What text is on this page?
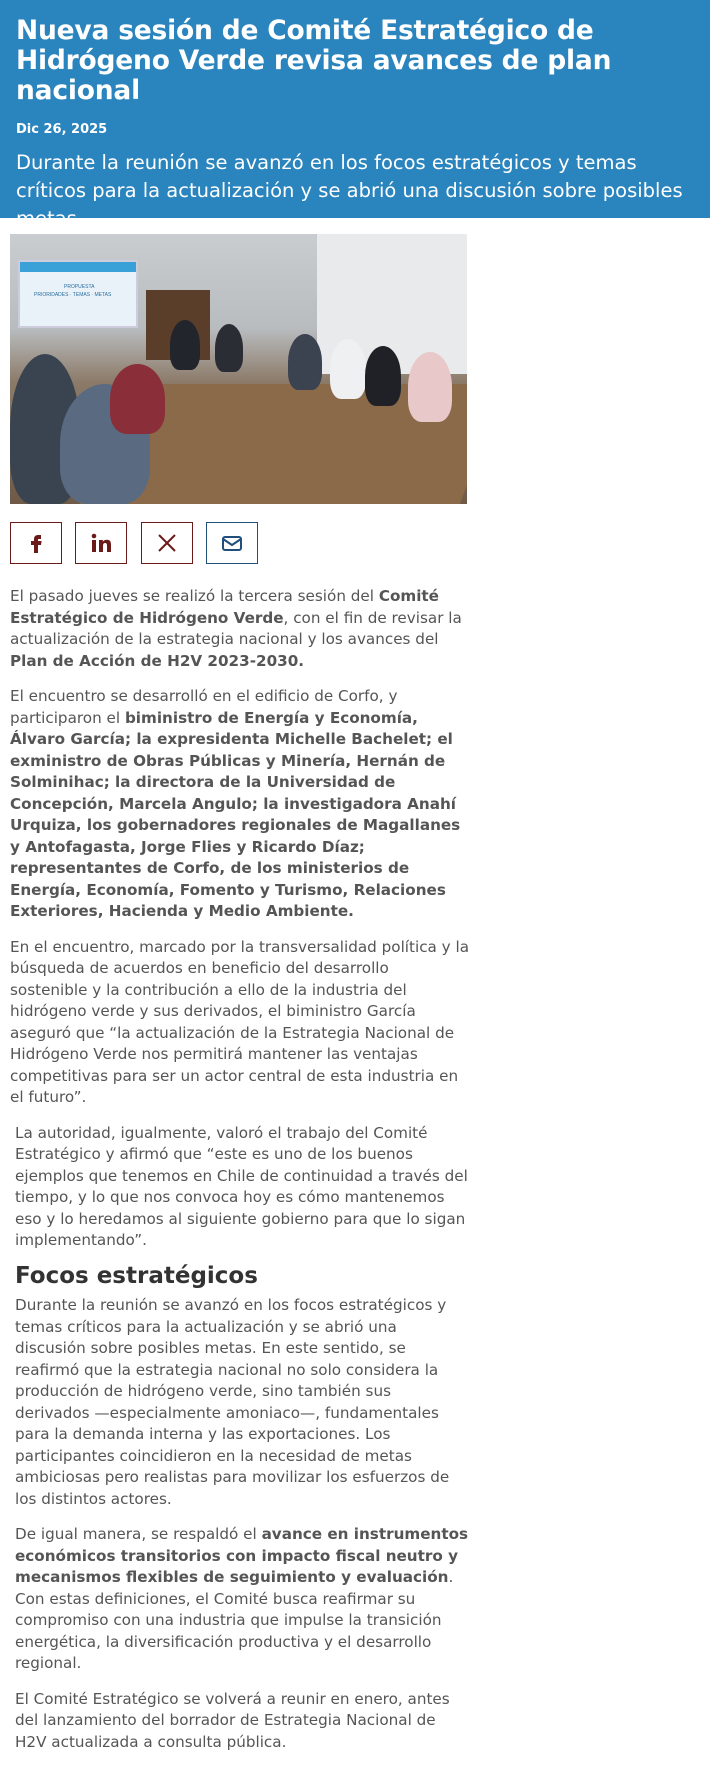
Nueva sesión de Comité Estratégico de Hidrógeno Verde revisa avances de plan nacional
Dic 26, 2025
Durante la reunión se avanzó en los focos estratégicos y temas críticos para la actualización y se abrió una discusión sobre posibles metas.
PROPUESTA
PRIORIDADES · TEMAS · METAS

El pasado jueves se realizó la tercera sesión del Comité Estratégico de Hidrógeno Verde, con el fin de revisar la actualización de la estrategia nacional y los avances del Plan de Acción de H2V 2023-2030.

El encuentro se desarrolló en el edificio de Corfo, y participaron el biministro de Energía y Economía, Álvaro García; la expresidenta Michelle Bachelet; el exministro de Obras Públicas y Minería, Hernán de Solminihac; la directora de la Universidad de Concepción, Marcela Angulo; la investigadora Anahí Urquiza, los gobernadores regionales de Magallanes y Antofagasta, Jorge Flies y Ricardo Díaz; representantes de Corfo, de los ministerios de Energía, Economía, Fomento y Turismo, Relaciones Exteriores, Hacienda y Medio Ambiente.

En el encuentro, marcado por la transversalidad política y la búsqueda de acuerdos en beneficio del desarrollo sostenible y la contribución a ello de la industria del hidrógeno verde y sus derivados, el biministro García aseguró que “la actualización de la Estrategia Nacional de Hidrógeno Verde nos permitirá mantener las ventajas competitivas para ser un actor central de esta industria en el futuro”.

La autoridad, igualmente, valoró el trabajo del Comité Estratégico y afirmó que “este es uno de los buenos ejemplos que tenemos en Chile de continuidad a través del tiempo, y lo que nos convoca hoy es cómo mantenemos eso y lo heredamos al siguiente gobierno para que lo sigan implementando”.

Focos estratégicos

Durante la reunión se avanzó en los focos estratégicos y temas críticos para la actualización y se abrió una discusión sobre posibles metas. En este sentido, se reafirmó que la estrategia nacional no solo considera la producción de hidrógeno verde, sino también sus derivados —especialmente amoniaco—, fundamentales para la demanda interna y las exportaciones. Los participantes coincidieron en la necesidad de metas ambiciosas pero realistas para movilizar los esfuerzos de los distintos actores.

De igual manera, se respaldó el avance en instrumentos económicos transitorios con impacto fiscal neutro y mecanismos flexibles de seguimiento y evaluación. Con estas definiciones, el Comité busca reafirmar su compromiso con una industria que impulse la transición energética, la diversificación productiva y el desarrollo regional.

El Comité Estratégico se volverá a reunir en enero, antes del lanzamiento del borrador de Estrategia Nacional de H2V actualizada a consulta pública.
